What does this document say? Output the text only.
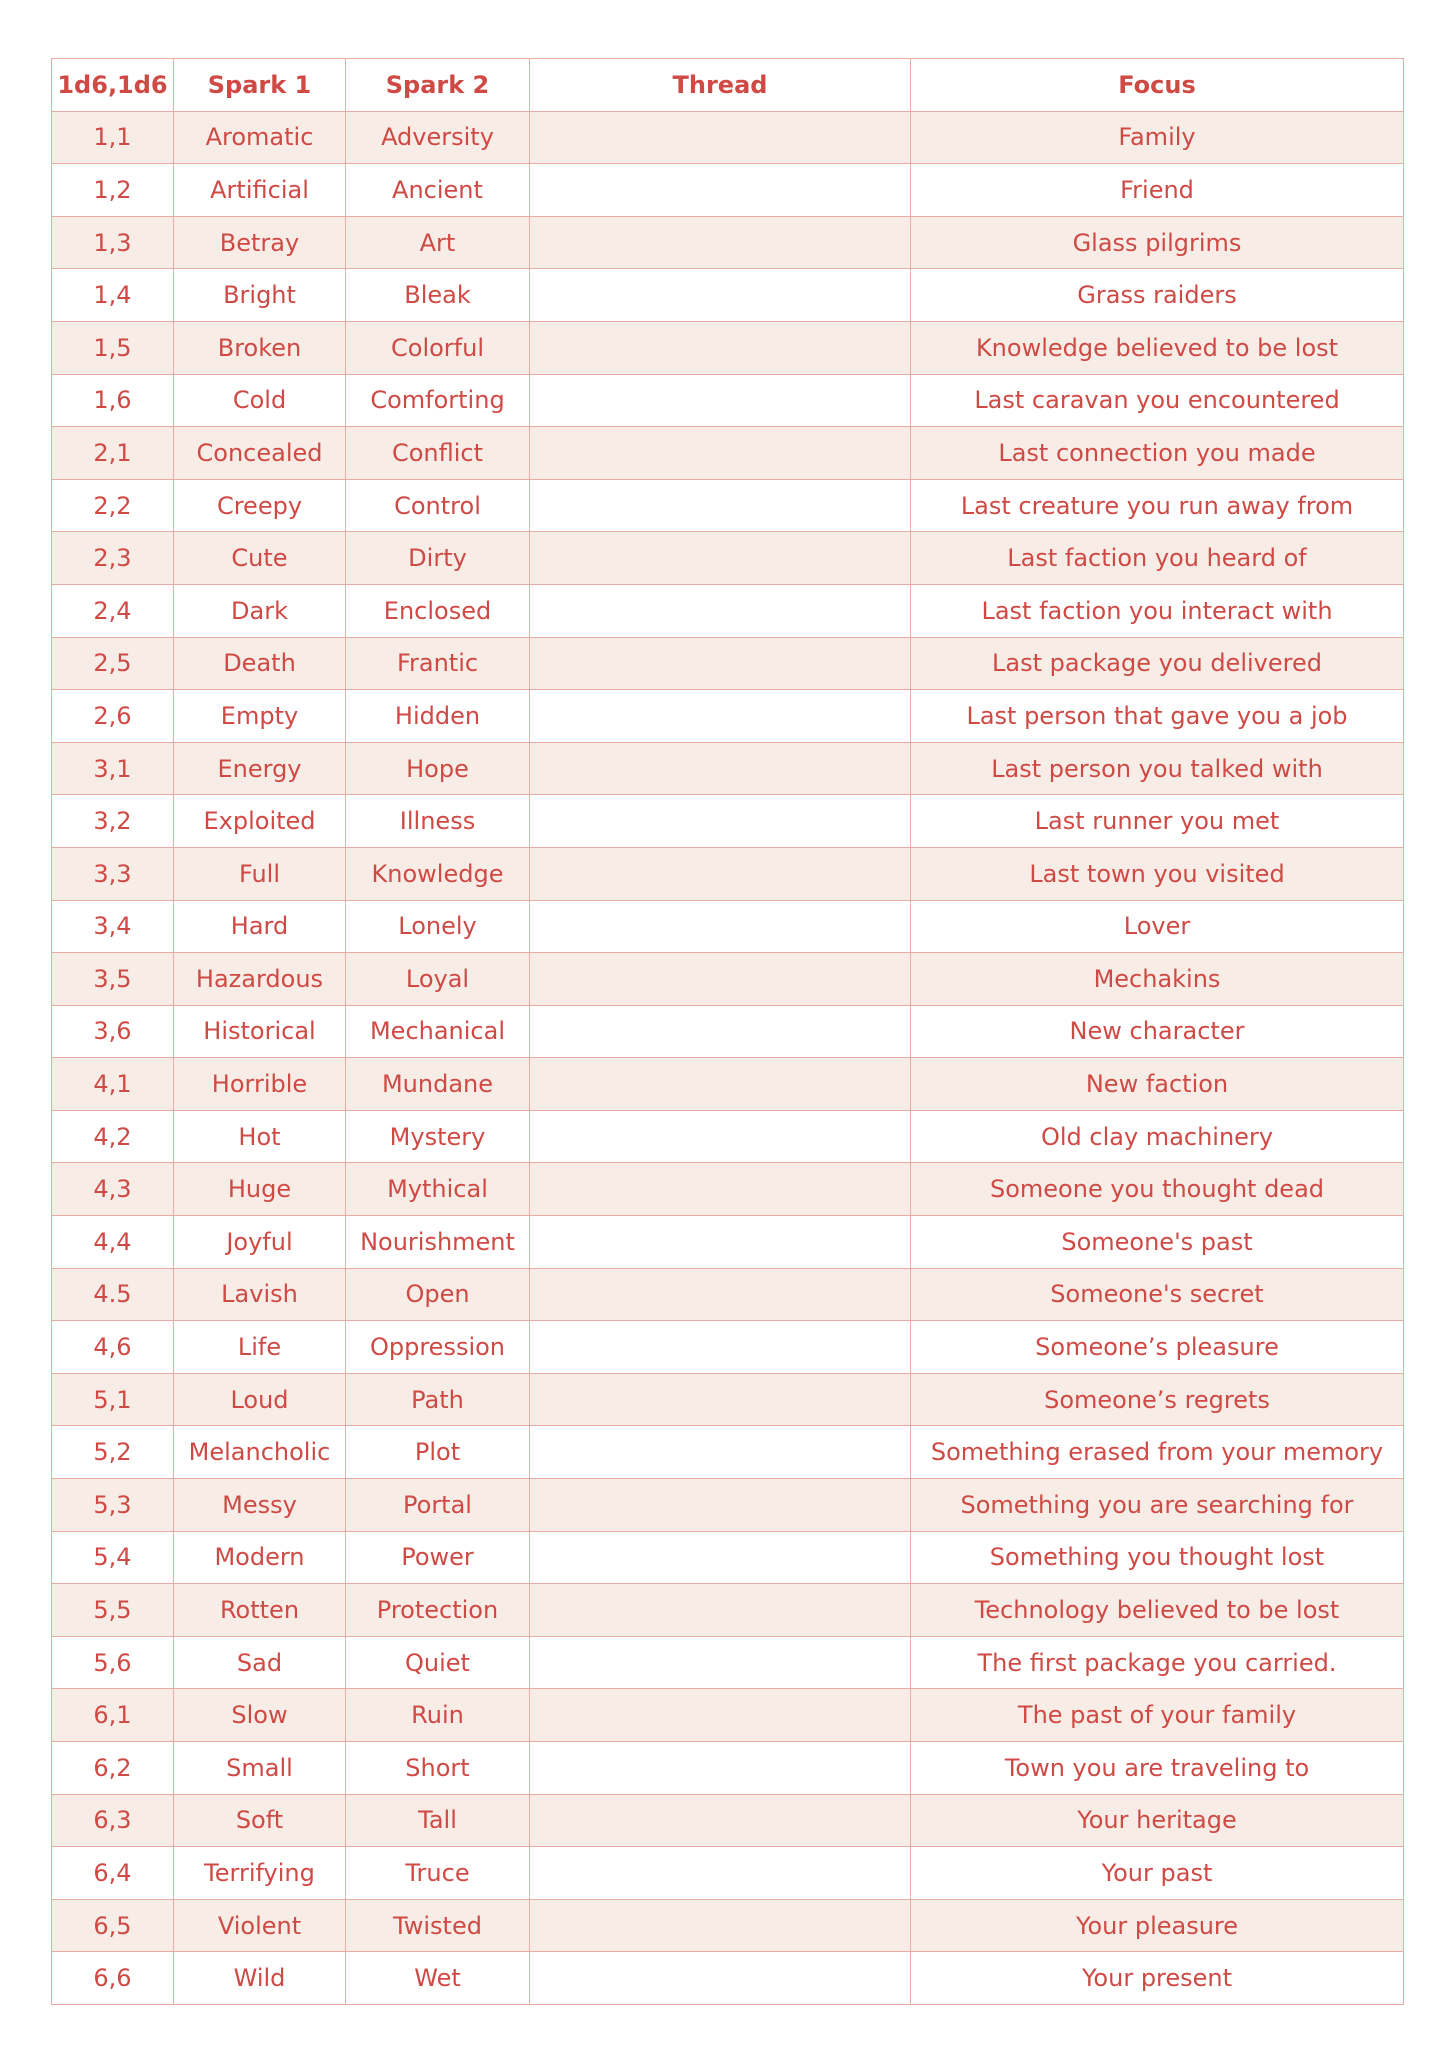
1d6,1d6	Spark 1	Spark 2	Thread	Focus
1,1	Aromatic	Adversity		Family
1,2	Artificial	Ancient		Friend
1,3	Betray	Art		Glass pilgrims
1,4	Bright	Bleak		Grass raiders
1,5	Broken	Colorful		Knowledge believed to be lost
1,6	Cold	Comforting		Last caravan you encountered
2,1	Concealed	Conflict		Last connection you made
2,2	Creepy	Control		Last creature you run away from
2,3	Cute	Dirty		Last faction you heard of
2,4	Dark	Enclosed		Last faction you interact with
2,5	Death	Frantic		Last package you delivered
2,6	Empty	Hidden		Last person that gave you a job
3,1	Energy	Hope		Last person you talked with
3,2	Exploited	Illness		Last runner you met
3,3	Full	Knowledge		Last town you visited
3,4	Hard	Lonely		Lover
3,5	Hazardous	Loyal		Mechakins
3,6	Historical	Mechanical		New character
4,1	Horrible	Mundane		New faction
4,2	Hot	Mystery		Old clay machinery
4,3	Huge	Mythical		Someone you thought dead
4,4	Joyful	Nourishment		Someone's past
4.5	Lavish	Open		Someone's secret
4,6	Life	Oppression		Someone’s pleasure
5,1	Loud	Path		Someone’s regrets
5,2	Melancholic	Plot		Something erased from your memory
5,3	Messy	Portal		Something you are searching for
5,4	Modern	Power		Something you thought lost
5,5	Rotten	Protection		Technology believed to be lost
5,6	Sad	Quiet		The first package you carried.
6,1	Slow	Ruin		The past of your family
6,2	Small	Short		Town you are traveling to
6,3	Soft	Tall		Your heritage
6,4	Terrifying	Truce		Your past
6,5	Violent	Twisted		Your pleasure
6,6	Wild	Wet		Your present
